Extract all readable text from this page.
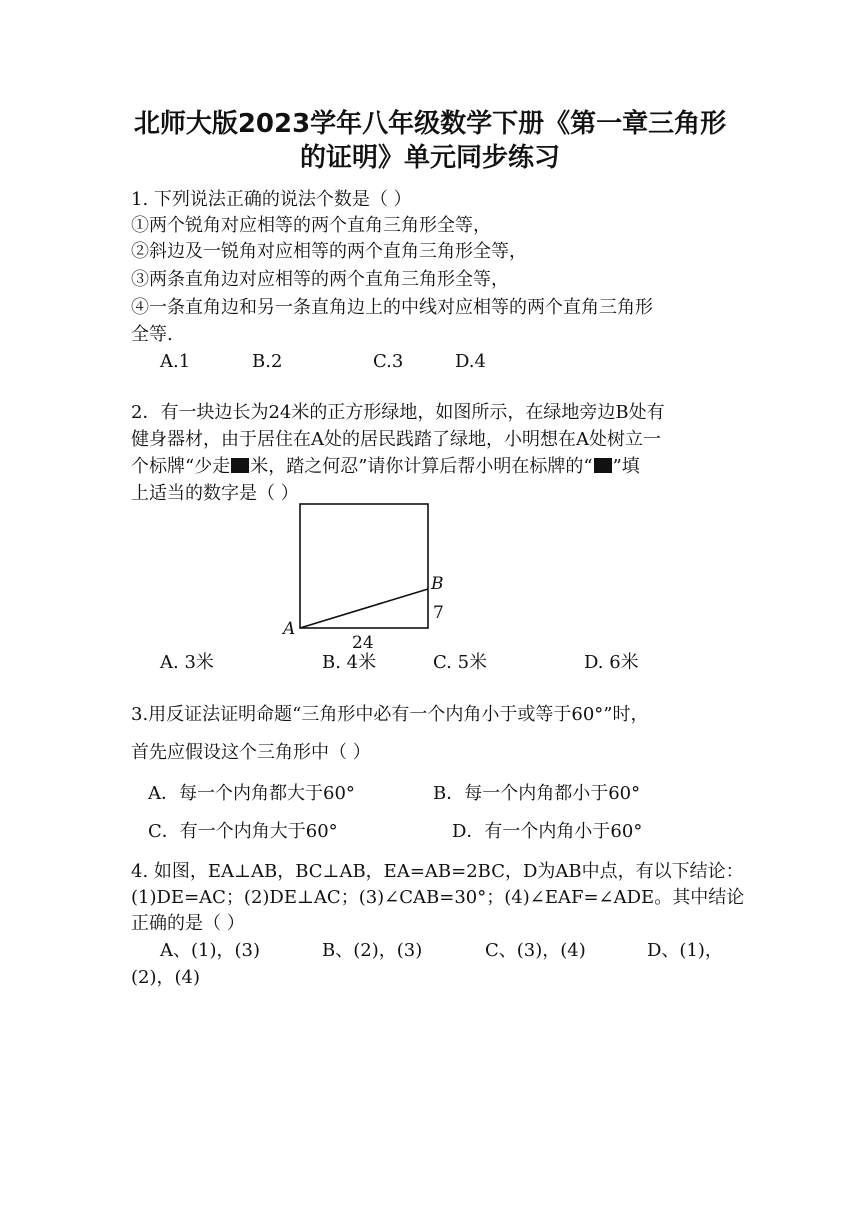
北师大版2023学年八年级数学下册《第一章三角形
的证明》单元同步练习
1. 下列说法正确的说法个数是（ ）
①两个锐角对应相等的两个直角三角形全等，
②斜边及一锐角对应相等的两个直角三角形全等，
③两条直角边对应相等的两个直角三角形全等，
④一条直角边和另一条直角边上的中线对应相等的两个直角三角形
全等.
A.1	B.2	C.3	D.4
2．有一块边长为24米的正方形绿地，如图所示，在绿地旁边B处有
健身器材，由于居住在A处的居民践踏了绿地，小明想在A处树立一
个标牌“少走 米，踏之何忍”请你计算后帮小明在标牌的“ ”填
上适当的数字是（ ）
A
B
7
24
A. 3米	B. 4米	C. 5米	D. 6米
3.用反证法证明命题“三角形中必有一个内角小于或等于60°”时，
首先应假设这个三角形中（ ）
A．每一个内角都大于60°	B．每一个内角都小于60°
C．有一个内角大于60°	D．有一个内角小于60°
4. 如图，EA⊥AB，BC⊥AB，EA=AB=2BC，D为AB中点，有以下结论：
(1)DE=AC；(2)DE⊥AC；(3)∠CAB=30°；(4)∠EAF=∠ADE。其中结论
正确的是（ ）
A、(1)，(3)	B、(2)，(3)	C、(3)，(4)	D、(1)，
(2)，(4)
